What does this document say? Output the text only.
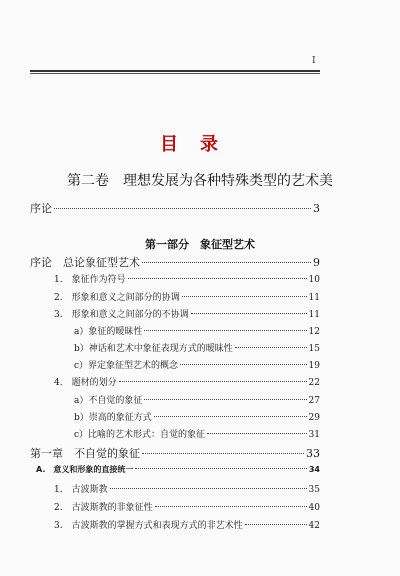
I
目录
第二卷　理想发展为各种特殊类型的艺术美
序论	3
第一部分　象征型艺术
序论　总论象征型艺术	9
1.　象征作为符号	10
2.　形象和意义之间部分的协调	11
3.　形象和意义之间部分的不协调	11
a）象征的暧昧性	12
b）神话和艺术中象征表现方式的暧昧性	15
c）界定象征型艺术的概念	19
4.　题材的划分	22
a）不自觉的象征	27
b）崇高的象征方式	29
c）比喻的艺术形式：自觉的象征	31
第一章　不自觉的象征	33
A.　意义和形象的直接统一	34
1.　古波斯教	35
2.　古波斯教的非象征性	40
3.　古波斯教的掌握方式和表现方式的非艺术性	42
